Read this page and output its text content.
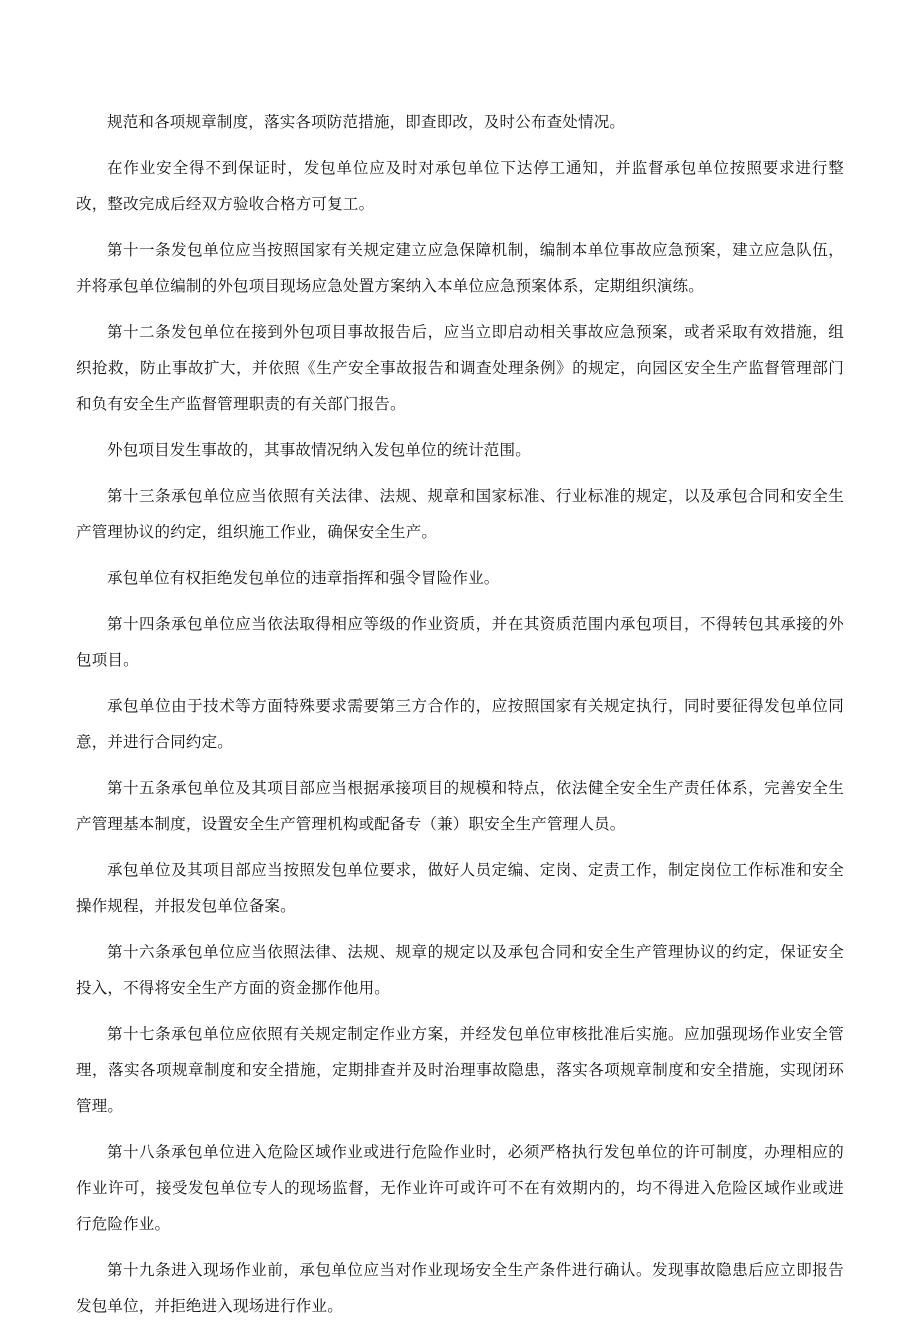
规范和各项规章制度，落实各项防范措施，即查即改，及时公布查处情况。

在作业安全得不到保证时，发包单位应及时对承包单位下达停工通知，并监督承包单位按照要求进行整改，整改完成后经双方验收合格方可复工。

第十一条发包单位应当按照国家有关规定建立应急保障机制，编制本单位事故应急预案，建立应急队伍，并将承包单位编制的外包项目现场应急处置方案纳入本单位应急预案体系，定期组织演练。

第十二条发包单位在接到外包项目事故报告后，应当立即启动相关事故应急预案，或者采取有效措施，组织抢救，防止事故扩大，并依照《生产安全事故报告和调查处理条例》的规定，向园区安全生产监督管理部门和负有安全生产监督管理职责的有关部门报告。

外包项目发生事故的，其事故情况纳入发包单位的统计范围。

第十三条承包单位应当依照有关法律、法规、规章和国家标准、行业标准的规定，以及承包合同和安全生产管理协议的约定，组织施工作业，确保安全生产。

承包单位有权拒绝发包单位的违章指挥和强令冒险作业。

第十四条承包单位应当依法取得相应等级的作业资质，并在其资质范围内承包项目，不得转包其承接的外包项目。

承包单位由于技术等方面特殊要求需要第三方合作的，应按照国家有关规定执行，同时要征得发包单位同意，并进行合同约定。

第十五条承包单位及其项目部应当根据承接项目的规模和特点，依法健全安全生产责任体系，完善安全生产管理基本制度，设置安全生产管理机构或配备专（兼）职安全生产管理人员。

承包单位及其项目部应当按照发包单位要求，做好人员定编、定岗、定责工作，制定岗位工作标准和安全操作规程，并报发包单位备案。

第十六条承包单位应当依照法律、法规、规章的规定以及承包合同和安全生产管理协议的约定，保证安全投入，不得将安全生产方面的资金挪作他用。

第十七条承包单位应依照有关规定制定作业方案，并经发包单位审核批准后实施。应加强现场作业安全管理，落实各项规章制度和安全措施，定期排查并及时治理事故隐患，落实各项规章制度和安全措施，实现闭环管理。

第十八条承包单位进入危险区域作业或进行危险作业时，必须严格执行发包单位的许可制度，办理相应的作业许可，接受发包单位专人的现场监督，无作业许可或许可不在有效期内的，均不得进入危险区域作业或进行危险作业。

第十九条进入现场作业前，承包单位应当对作业现场安全生产条件进行确认。发现事故隐患后应立即报告发包单位，并拒绝进入现场进行作业。
